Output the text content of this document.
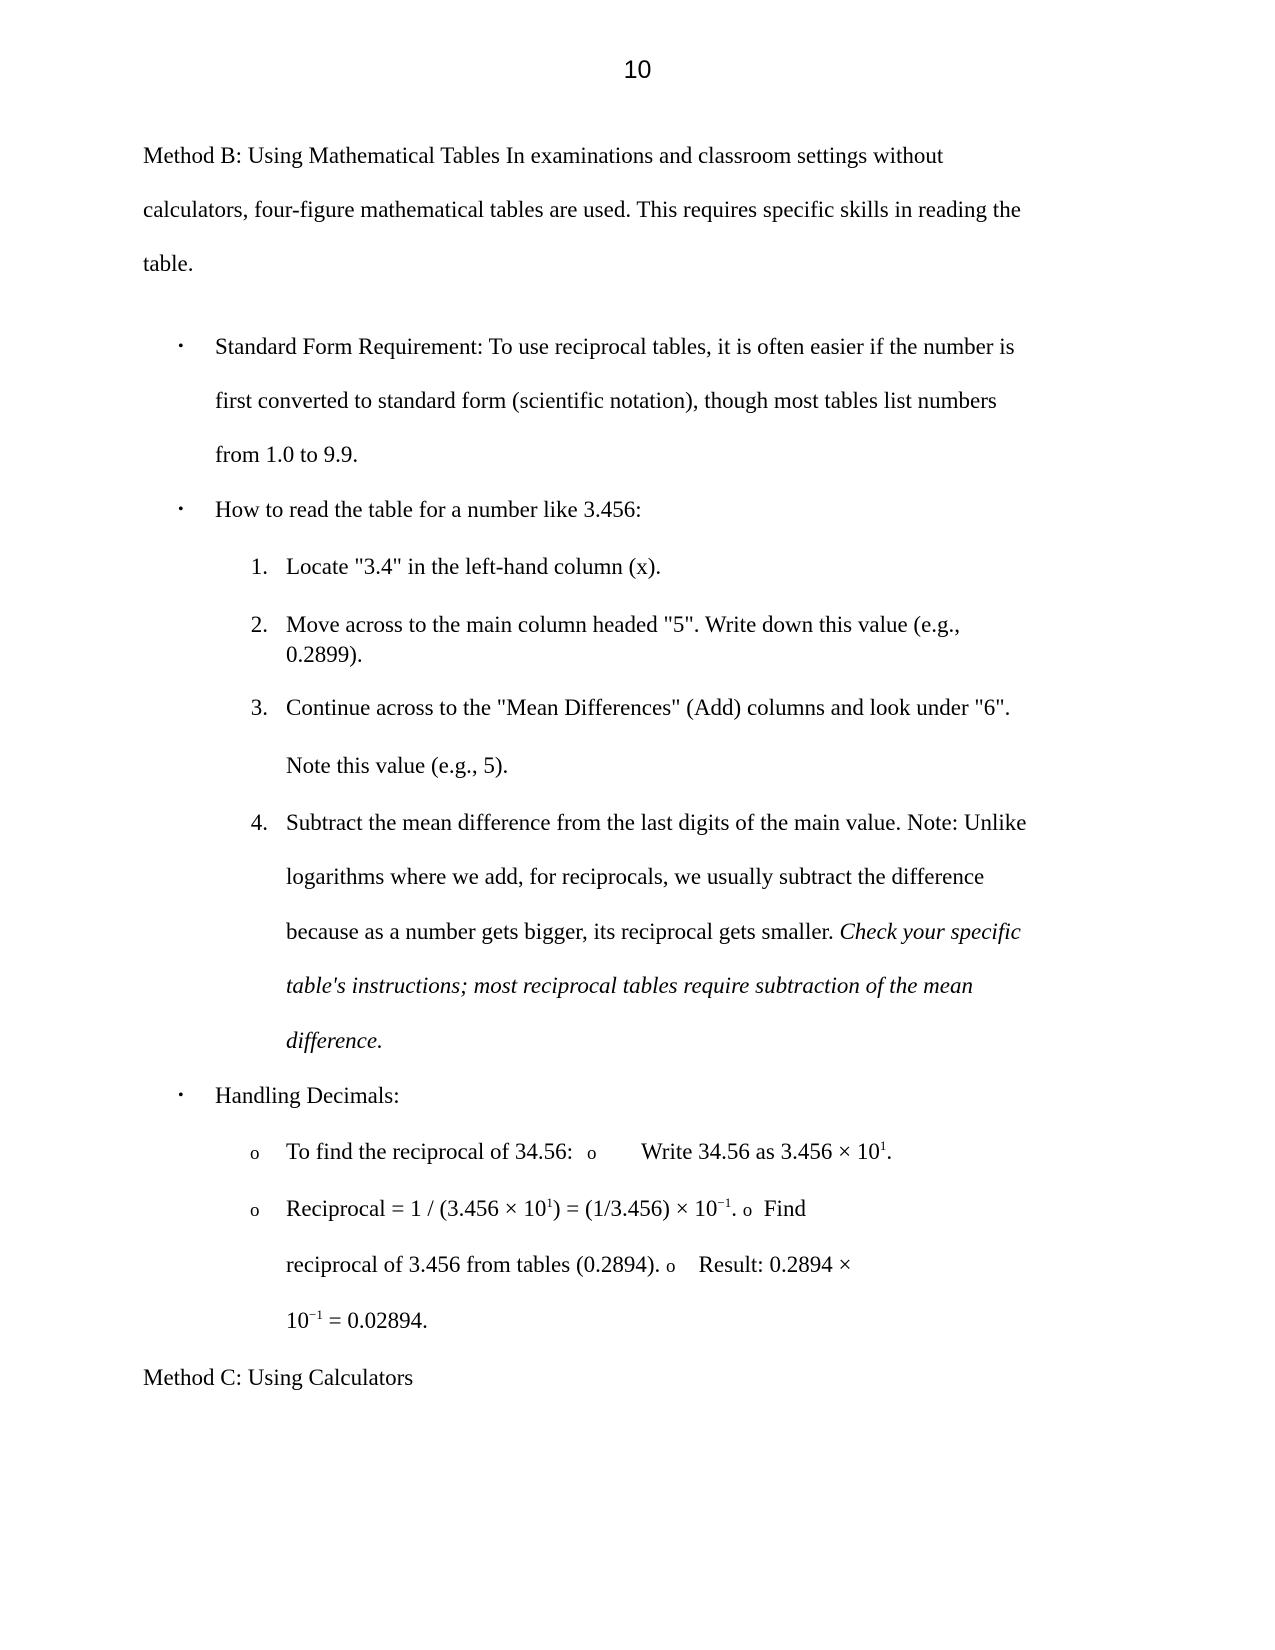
10
Method B: Using Mathematical Tables In examinations and classroom settings without
calculators, four-figure mathematical tables are used. This requires specific skills in reading the
table.
• Standard Form Requirement: To use reciprocal tables, it is often easier if the number is
first converted to standard form (scientific notation), though most tables list numbers
from 1.0 to 9.9.
• How to read the table for a number like 3.456:
1. Locate "3.4" in the left-hand column (x).
2. Move across to the main column headed "5". Write down this value (e.g.,
0.2899).
3. Continue across to the "Mean Differences" (Add) columns and look under "6".
Note this value (e.g., 5).
4. Subtract the mean difference from the last digits of the main value. Note: Unlike
logarithms where we add, for reciprocals, we usually subtract the difference
because as a number gets bigger, its reciprocal gets smaller. Check your specific
table's instructions; most reciprocal tables require subtraction of the mean
difference.
• Handling Decimals:
o To find the reciprocal of 34.56: o Write 34.56 as $3.456 \times 10^1$.
o Reciprocal = $1 / (3.456 \times 10^1) = (1/3.456) \times 10^{-1}$. o Find
reciprocal of 3.456 from tables (0.2894). o Result: 0.2894 ×
$10^{-1} = 0.02894$.
Method C: Using Calculators
